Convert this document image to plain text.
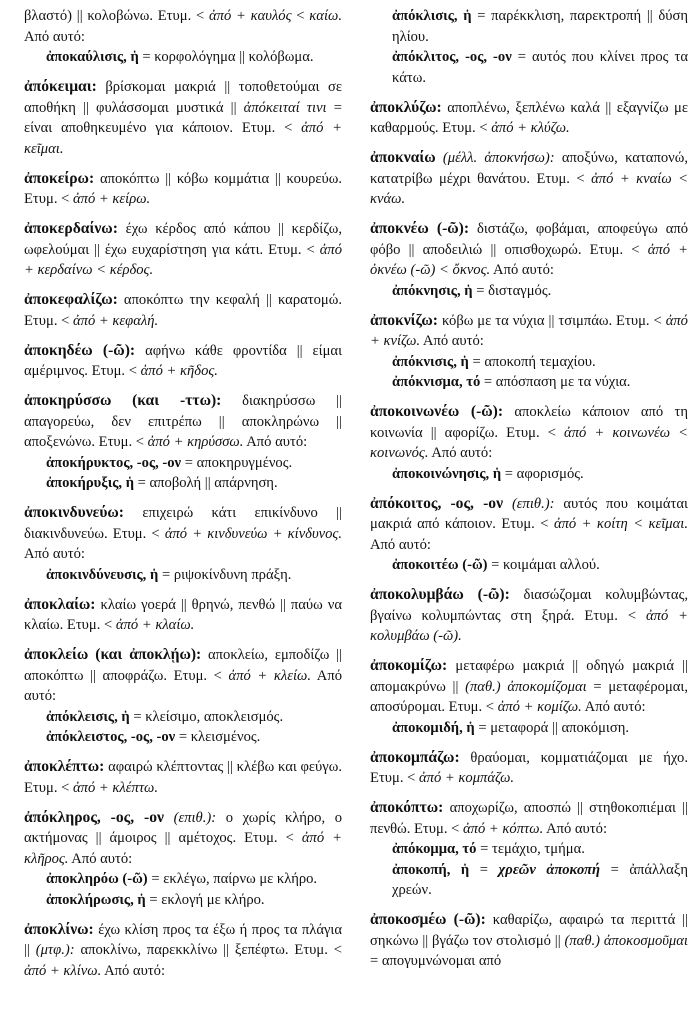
βλαστό) || κολοβώνω. Ετυμ. < ἀπό + καυλός < καίω. Από αυτό:
ἀποκαύλισις, ἡ = κορφολόγημα || κολόβωμα.
ἀπόκειμαι: βρίσκομαι μακριά || τοποθετούμαι σε αποθήκη || φυλάσσομαι μυστικά || ἀπόκειταί τινι = είναι αποθηκευμένο για κάποιον. Ετυμ. < ἀπό + κεῖμαι.
ἀποκείρω: αποκόπτω || κόβω κομμάτια || κουρεύω. Ετυμ. < ἀπό + κείρω.
ἀποκερδαίνω: έχω κέρδος από κάπου || κερδίζω, ωφελούμαι || έχω ευχαρίστηση για κάτι. Ετυμ. < ἀπό + κερδαίνω < κέρδος.
ἀποκεφαλίζω: αποκόπτω την κεφαλή || καρατομώ. Ετυμ. < ἀπό + κεφαλή.
ἀποκηδέω (-ῶ): αφήνω κάθε φροντίδα || είμαι αμέριμνος. Ετυμ. < ἀπό + κῆδος.
ἀποκηρύσσω (και -ττω): διακηρύσσω || απαγορεύω, δεν επιτρέπω || αποκληρώνω || αποξενώνω. Ετυμ. < ἀπό + κηρύσσω. Από αυτό:
ἀποκήρυκτος, -ος, -ον = αποκηρυγμένος.
ἀποκήρυξις, ἡ = αποβολή || απάρνηση.
ἀποκινδυνεύω: επιχειρώ κάτι επικίνδυνο || διακινδυνεύω. Ετυμ. < ἀπό + κινδυνεύω + κίνδυνος. Από αυτό:
ἀποκινδύνευσις, ἡ = ριψοκίνδυνη πράξη.
ἀποκλαίω: κλαίω γοερά || θρηνώ, πενθώ || παύω να κλαίω. Ετυμ. < ἀπό + κλαίω.
ἀποκλείω (και ἀποκλῄω): αποκλείω, εμποδίζω || αποκόπτω || αποφράζω. Ετυμ. < ἀπό + κλείω. Από αυτό:
ἀπόκλεισις, ἡ = κλείσιμο, αποκλεισμός.
ἀπόκλειστος, -ος, -ον = κλεισμένος.
ἀποκλέπτω: αφαιρώ κλέπτοντας || κλέβω και φεύγω. Ετυμ. < ἀπό + κλέπτω.
ἀπόκληρος, -ος, -ον (επιθ.): ο χωρίς κλήρο, ο ακτήμονας || άμοιρος || αμέτοχος. Ετυμ. < ἀπό + κλῆρος. Από αυτό:
ἀποκληρόω (-ῶ) = εκλέγω, παίρνω με κλήρο.
ἀποκλήρωσις, ἡ = εκλογή με κλήρο.
ἀποκλίνω: έχω κλίση προς τα έξω ή προς τα πλάγια || (μτφ.): αποκλίνω, παρεκκλίνω || ξεπέφτω. Ετυμ. < ἀπό + κλίνω. Από αυτό:
ἀπόκλισις, ἡ = παρέκκλιση, παρεκτροπή || δύση ηλίου.
ἀπόκλιτος, -ος, -ον = αυτός που κλίνει προς τα κάτω.
ἀποκλύζω: αποπλένω, ξεπλένω καλά || εξαγνίζω με καθαρμούς. Ετυμ. < ἀπό + κλύζω.
ἀποκναίω (μέλλ. ἀποκνήσω): αποξύνω, καταπονώ, κατατρίβω μέχρι θανάτου. Ετυμ. < ἀπό + κναίω < κνάω.
ἀποκνέω (-ῶ): διστάζω, φοβάμαι, αποφεύγω από φόβο || αποδειλιώ || οπισθοχωρώ. Ετυμ. < ἀπό + ὀκνέω (-ῶ) < ὄκνος. Από αυτό:
ἀπόκνησις, ἡ = δισταγμός.
ἀποκνίζω: κόβω με τα νύχια || τσιμπάω. Ετυμ. < ἀπό + κνίζω. Από αυτό:
ἀπόκνισις, ἡ = αποκοπή τεμαχίου.
ἀπόκνισμα, τό = απόσπαση με τα νύχια.
ἀποκοινωνέω (-ῶ): αποκλείω κάποιον από τη κοινωνία || αφορίζω. Ετυμ. < ἀπό + κοινωνέω < κοινωνός. Από αυτό:
ἀποκοινώνησις, ἡ = αφορισμός.
ἀπόκοιτος, -ος, -ον (επιθ.): αυτός που κοιμάται μακριά από κάποιον. Ετυμ. < ἀπό + κοίτη < κεῖμαι. Από αυτό:
ἀποκοιτέω (-ῶ) = κοιμάμαι αλλού.
ἀποκολυμβάω (-ῶ): διασώζομαι κολυμβώντας, βγαίνω κολυμπώντας στη ξηρά. Ετυμ. < ἀπό + κολυμβάω (-ῶ).
ἀποκομίζω: μεταφέρω μακριά || οδηγώ μακριά || απομακρύνω || (παθ.) ἀποκομίζομαι = μεταφέρομαι, αποσύρομαι. Ετυμ. < ἀπό + κομίζω. Από αυτό:
ἀποκομιδή, ἡ = μεταφορά || αποκόμιση.
ἀποκομπάζω: θραύομαι, κομματιάζομαι με ήχο. Ετυμ. < ἀπό + κομπάζω.
ἀποκόπτω: αποχωρίζω, αποσπώ || στηθοκοπιέμαι || πενθώ. Ετυμ. < ἀπό + κόπτω. Από αυτό:
ἀπόκομμα, τό = τεμάχιο, τμήμα.
ἀποκοπή, ἡ = χρεῶν ἀποκοπή = ἀπάλλαξη χρεών.
ἀποκοσμέω (-ῶ): καθαρίζω, αφαιρώ τα περιττά || σηκώνω || βγάζω τον στολισμό || (παθ.) ἀποκοσμοῦμαι = απογυμνώνομαι από
